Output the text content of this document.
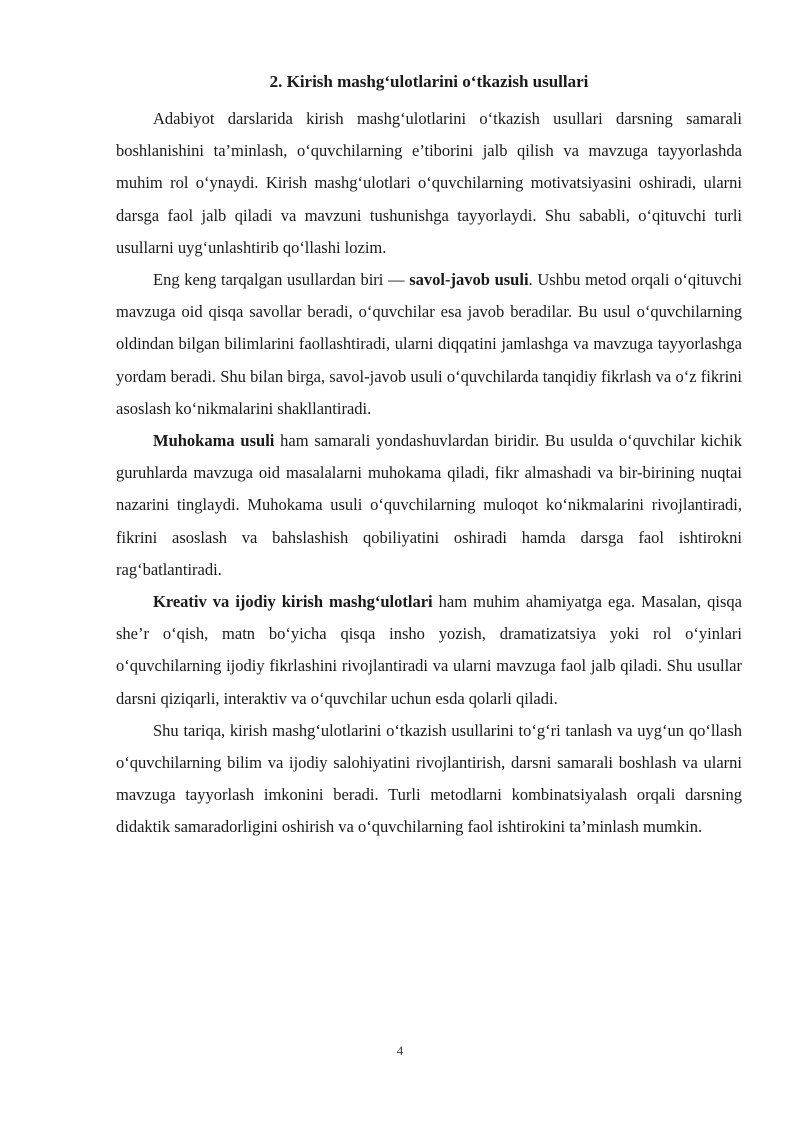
2. Kirish mashg‘ulotlarini o‘tkazish usullari

Adabiyot darslarida kirish mashg‘ulotlarini o‘tkazish usullari darsning samarali boshlanishini ta’minlash, o‘quvchilarning e’tiborini jalb qilish va mavzuga tayyorlashda muhim rol o‘ynaydi. Kirish mashg‘ulotlari o‘quvchilarning motivatsiyasini oshiradi, ularni darsga faol jalb qiladi va mavzuni tushunishga tayyorlaydi. Shu sababli, o‘qituvchi turli usullarni uyg‘unlashtirib qo‘llashi lozim.

Eng keng tarqalgan usullardan biri — savol-javob usuli. Ushbu metod orqali o‘qituvchi mavzuga oid qisqa savollar beradi, o‘quvchilar esa javob beradilar. Bu usul o‘quvchilarning oldindan bilgan bilimlarini faollashtiradi, ularni diqqatini jamlashga va mavzuga tayyorlashga yordam beradi. Shu bilan birga, savol-javob usuli o‘quvchilarda tanqidiy fikrlash va o‘z fikrini asoslash ko‘nikmalarini shakllantiradi.

Muhokama usuli ham samarali yondashuvlardan biridir. Bu usulda o‘quvchilar kichik guruhlarda mavzuga oid masalalarni muhokama qiladi, fikr almashadi va bir-birining nuqtai nazarini tinglaydi. Muhokama usuli o‘quvchilarning muloqot ko‘nikmalarini rivojlantiradi, fikrini asoslash va bahslashish qobiliyatini oshiradi hamda darsga faol ishtirokni rag‘batlantiradi.

Kreativ va ijodiy kirish mashg‘ulotlari ham muhim ahamiyatga ega. Masalan, qisqa she’r o‘qish, matn bo‘yicha qisqa insho yozish, dramatizatsiya yoki rol o‘yinlari o‘quvchilarning ijodiy fikrlashini rivojlantiradi va ularni mavzuga faol jalb qiladi. Shu usullar darsni qiziqarli, interaktiv va o‘quvchilar uchun esda qolarli qiladi.

Shu tariqa, kirish mashg‘ulotlarini o‘tkazish usullarini to‘g‘ri tanlash va uyg‘un qo‘llash o‘quvchilarning bilim va ijodiy salohiyatini rivojlantirish, darsni samarali boshlash va ularni mavzuga tayyorlash imkonini beradi. Turli metodlarni kombinatsiyalash orqali darsning didaktik samaradorligini oshirish va o‘quvchilarning faol ishtirokini ta’minlash mumkin.

4
